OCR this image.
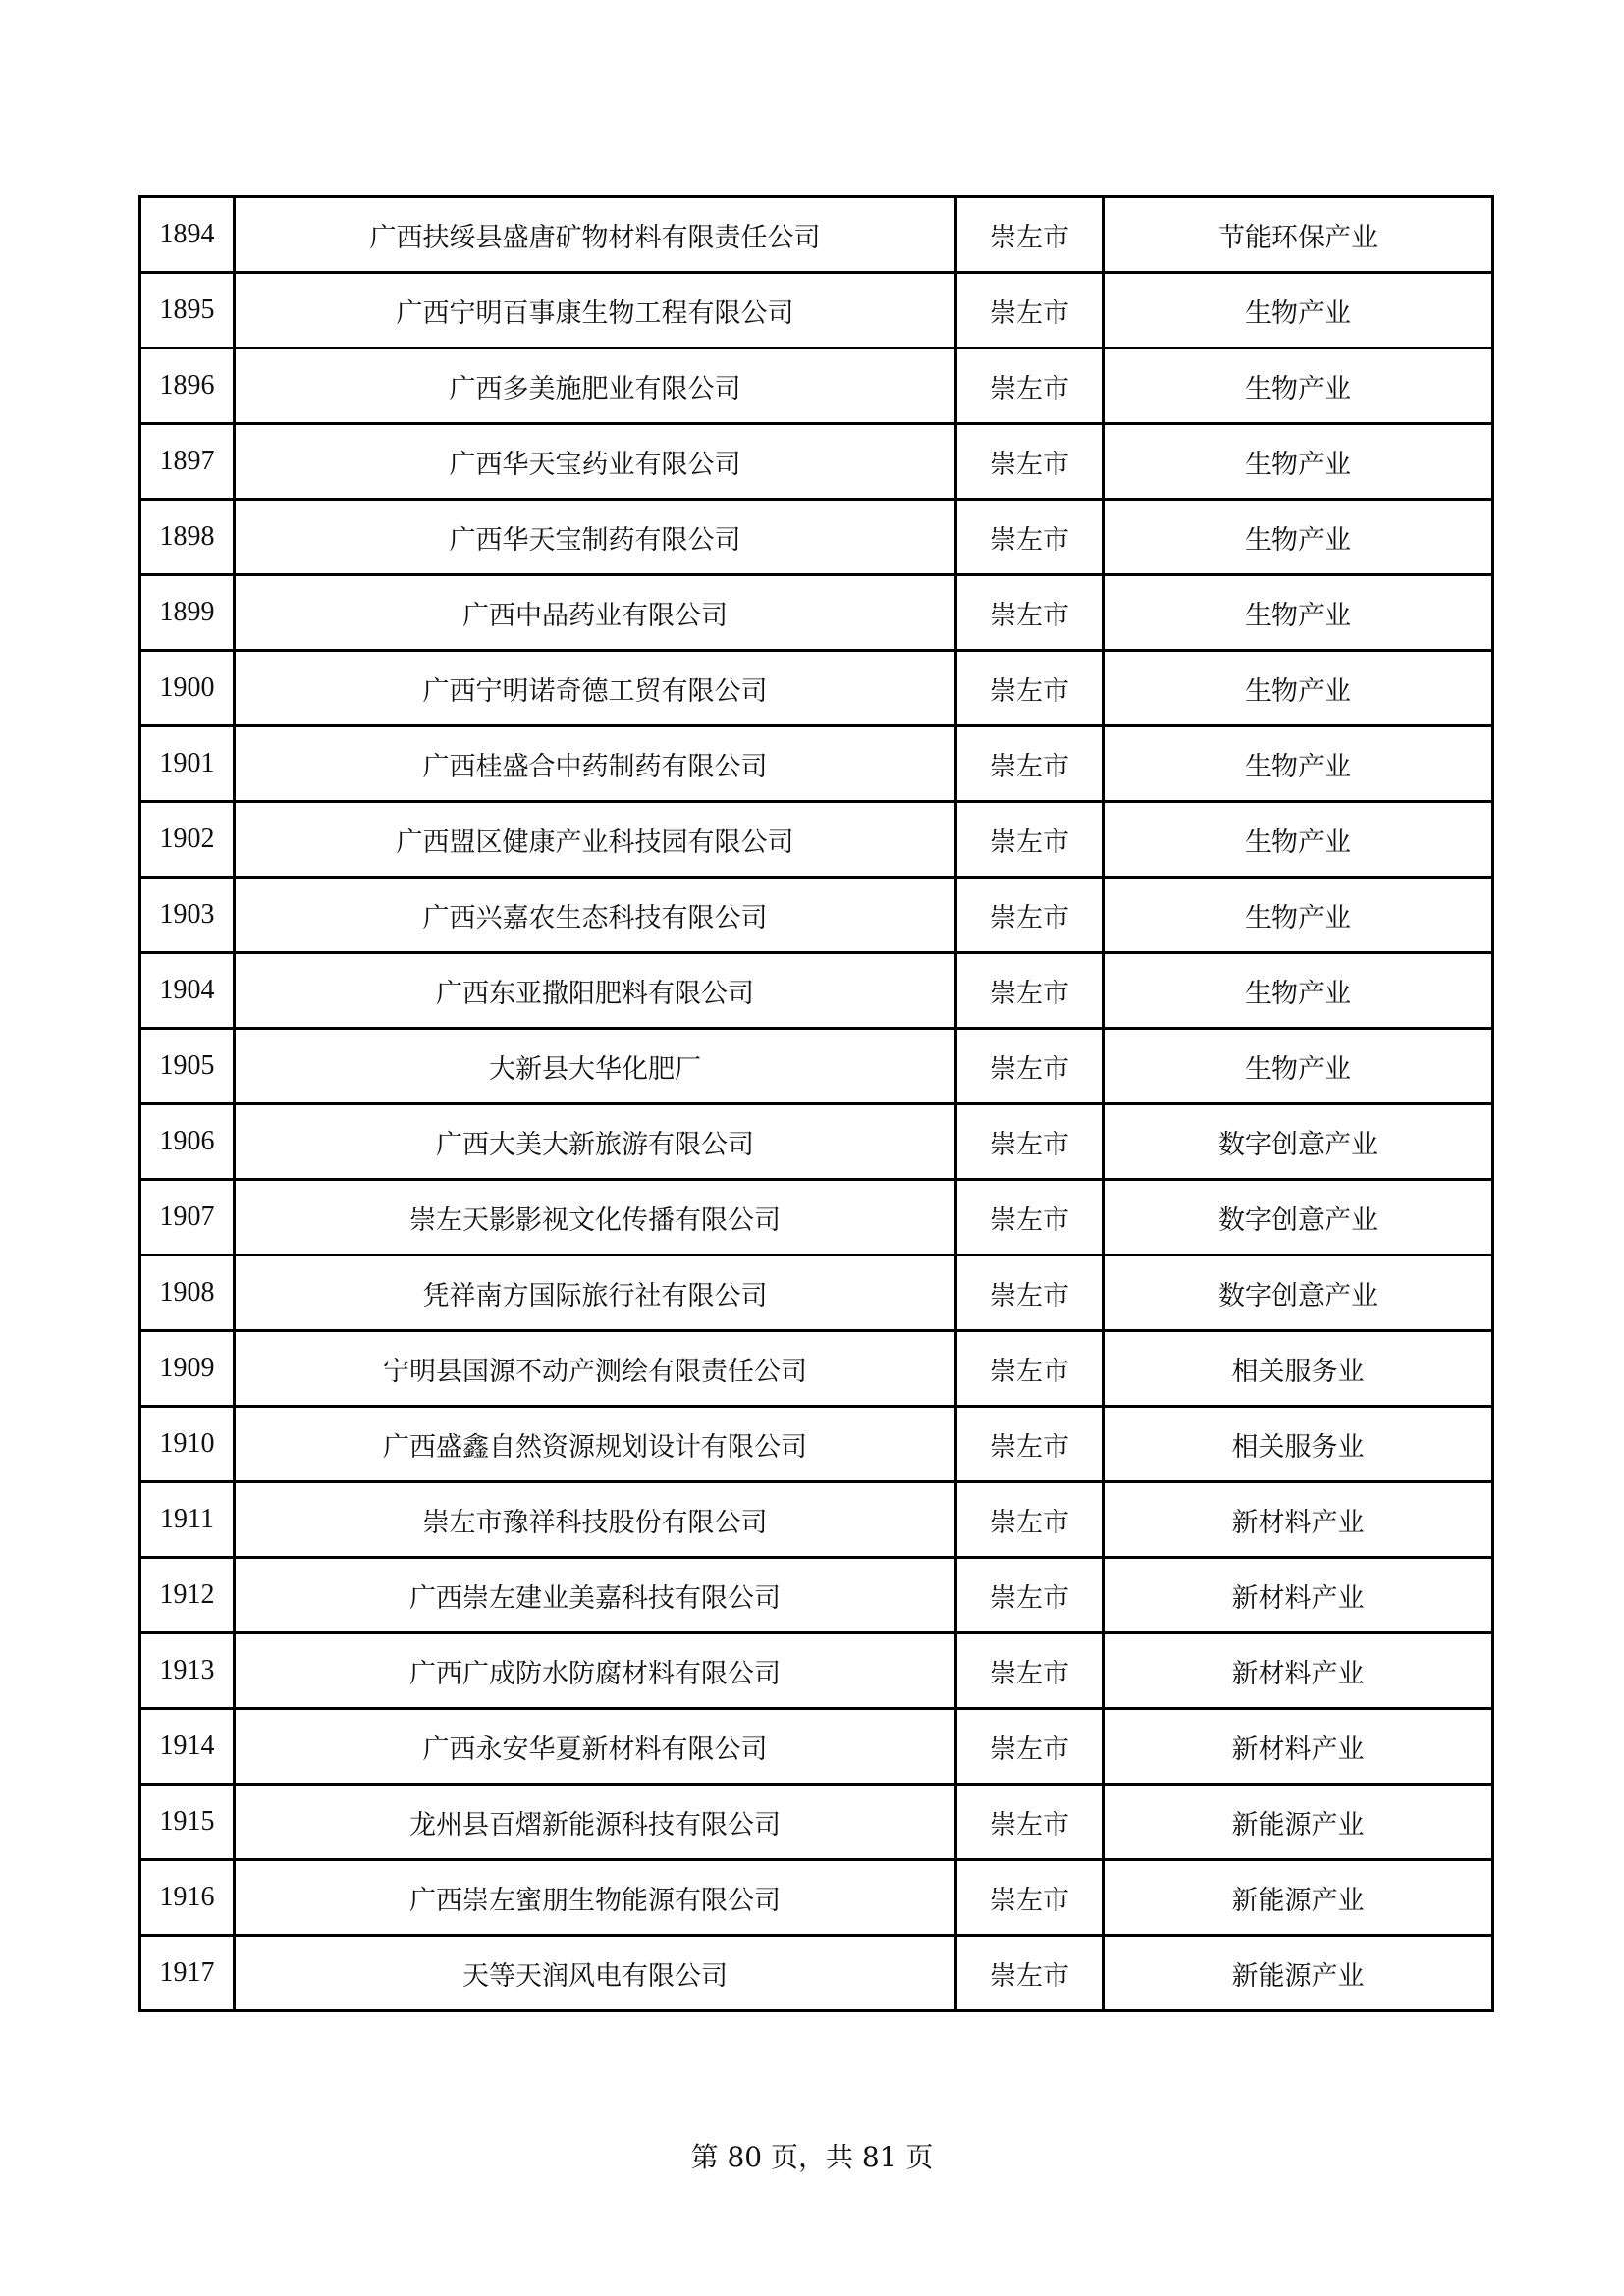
1894	广西扶绥县盛唐矿物材料有限责任公司	崇左市	节能环保产业
1895	广西宁明百事康生物工程有限公司	崇左市	生物产业
1896	广西多美施肥业有限公司	崇左市	生物产业
1897	广西华天宝药业有限公司	崇左市	生物产业
1898	广西华天宝制药有限公司	崇左市	生物产业
1899	广西中品药业有限公司	崇左市	生物产业
1900	广西宁明诺奇德工贸有限公司	崇左市	生物产业
1901	广西桂盛合中药制药有限公司	崇左市	生物产业
1902	广西盟区健康产业科技园有限公司	崇左市	生物产业
1903	广西兴嘉农生态科技有限公司	崇左市	生物产业
1904	广西东亚撒阳肥料有限公司	崇左市	生物产业
1905	大新县大华化肥厂	崇左市	生物产业
1906	广西大美大新旅游有限公司	崇左市	数字创意产业
1907	崇左天影影视文化传播有限公司	崇左市	数字创意产业
1908	凭祥南方国际旅行社有限公司	崇左市	数字创意产业
1909	宁明县国源不动产测绘有限责任公司	崇左市	相关服务业
1910	广西盛鑫自然资源规划设计有限公司	崇左市	相关服务业
1911	崇左市豫祥科技股份有限公司	崇左市	新材料产业
1912	广西崇左建业美嘉科技有限公司	崇左市	新材料产业
1913	广西广成防水防腐材料有限公司	崇左市	新材料产业
1914	广西永安华夏新材料有限公司	崇左市	新材料产业
1915	龙州县百熠新能源科技有限公司	崇左市	新能源产业
1916	广西崇左蜜朋生物能源有限公司	崇左市	新能源产业
1917	天等天润风电有限公司	崇左市	新能源产业
第 80 页，共 81 页
